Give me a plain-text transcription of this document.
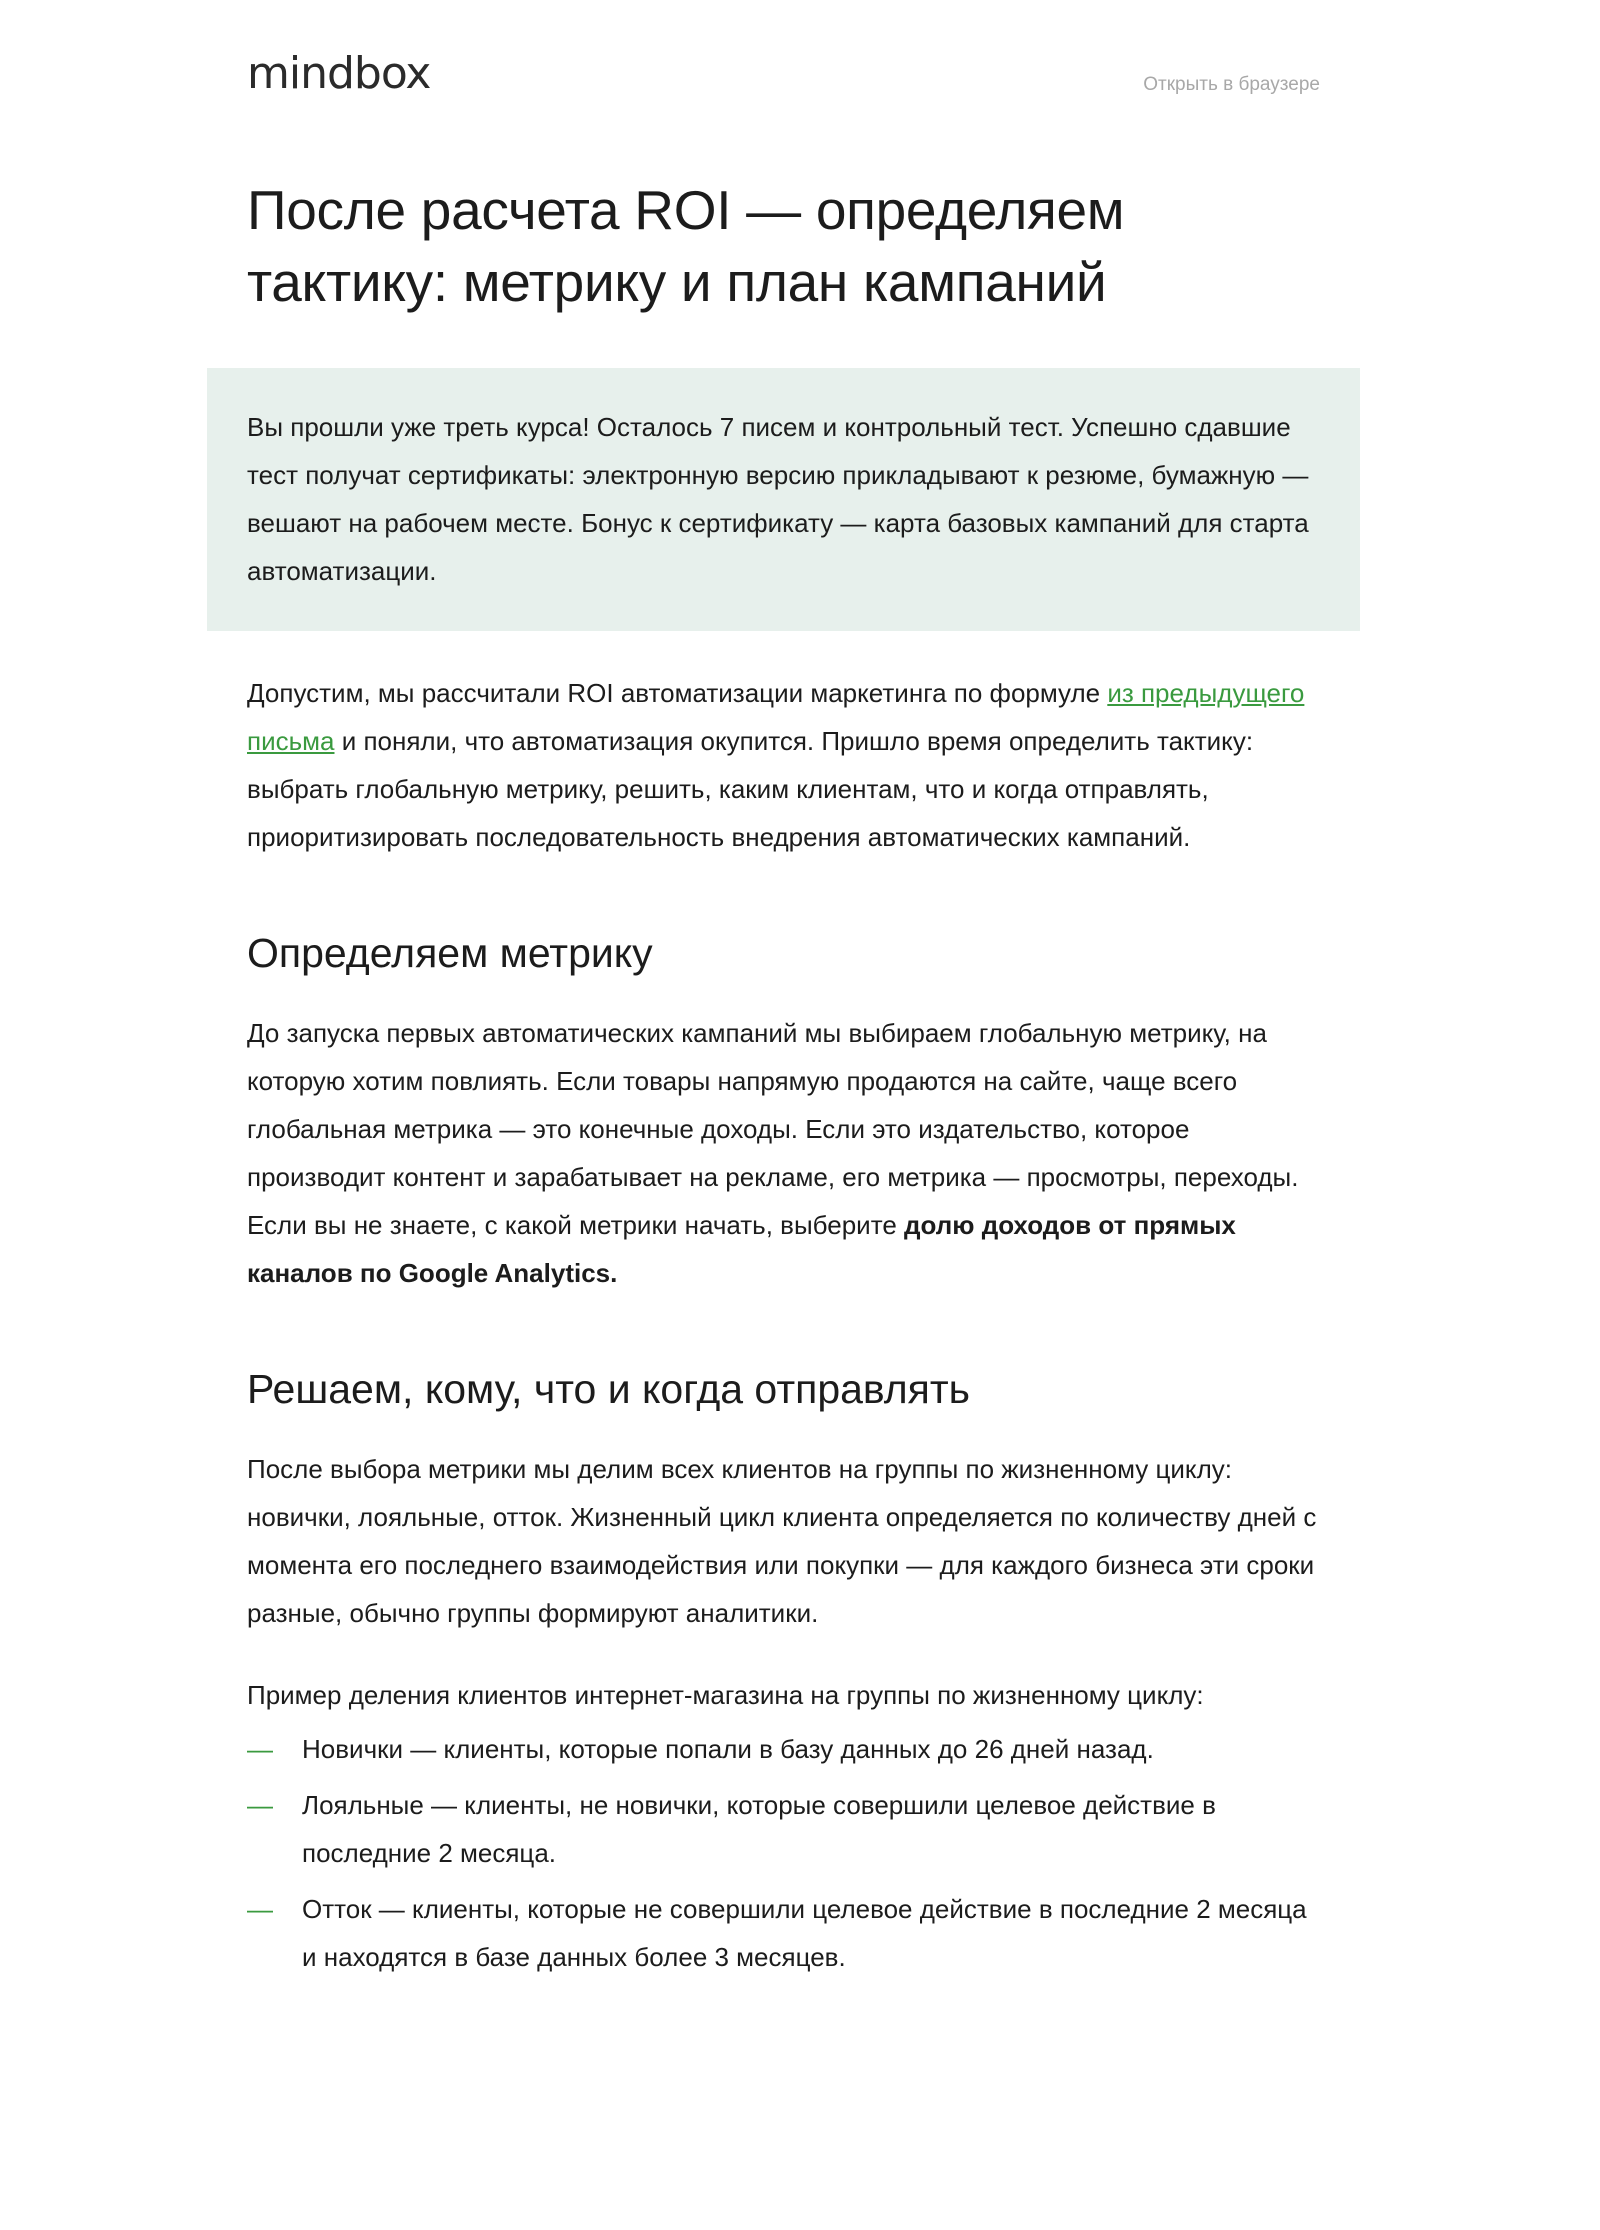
mindbox	Открыть в браузере
После расчета ROI — определяем тактику: метрику и план кампаний

Вы прошли уже треть курса! Осталось 7 писем и контрольный тест. Успешно сдавшие тест получат сертификаты: электронную версию прикладывают к резюме, бумажную — вешают на рабочем месте. Бонус к сертификату — карта базовых кампаний для старта автоматизации.

Допустим, мы рассчитали ROI автоматизации маркетинга по формуле из предыдущего письма и поняли, что автоматизация окупится. Пришло время определить тактику: выбрать глобальную метрику, решить, каким клиентам, что и когда отправлять, приоритизировать последовательность внедрения автоматических кампаний.

Определяем метрику

До запуска первых автоматических кампаний мы выбираем глобальную метрику, на которую хотим повлиять. Если товары напрямую продаются на сайте, чаще всего глобальная метрика — это конечные доходы. Если это издательство, которое производит контент и зарабатывает на рекламе, его метрика — просмотры, переходы. Если вы не знаете, с какой метрики начать, выберите долю доходов от прямых каналов по Google Analytics.

Решаем, кому, что и когда отправлять

После выбора метрики мы делим всех клиентов на группы по жизненному циклу: новички, лояльные, отток. Жизненный цикл клиента определяется по количеству дней с момента его последнего взаимодействия или покупки — для каждого бизнеса эти сроки разные, обычно группы формируют аналитики.

Пример деления клиентов интернет-магазина на группы по жизненному циклу:

— Новички — клиенты, которые попали в базу данных до 26 дней назад.
— Лояльные — клиенты, не новички, которые совершили целевое действие в последние 2 месяца.
— Отток — клиенты, которые не совершили целевое действие в последние 2 месяца и находятся в базе данных более 3 месяцев.
